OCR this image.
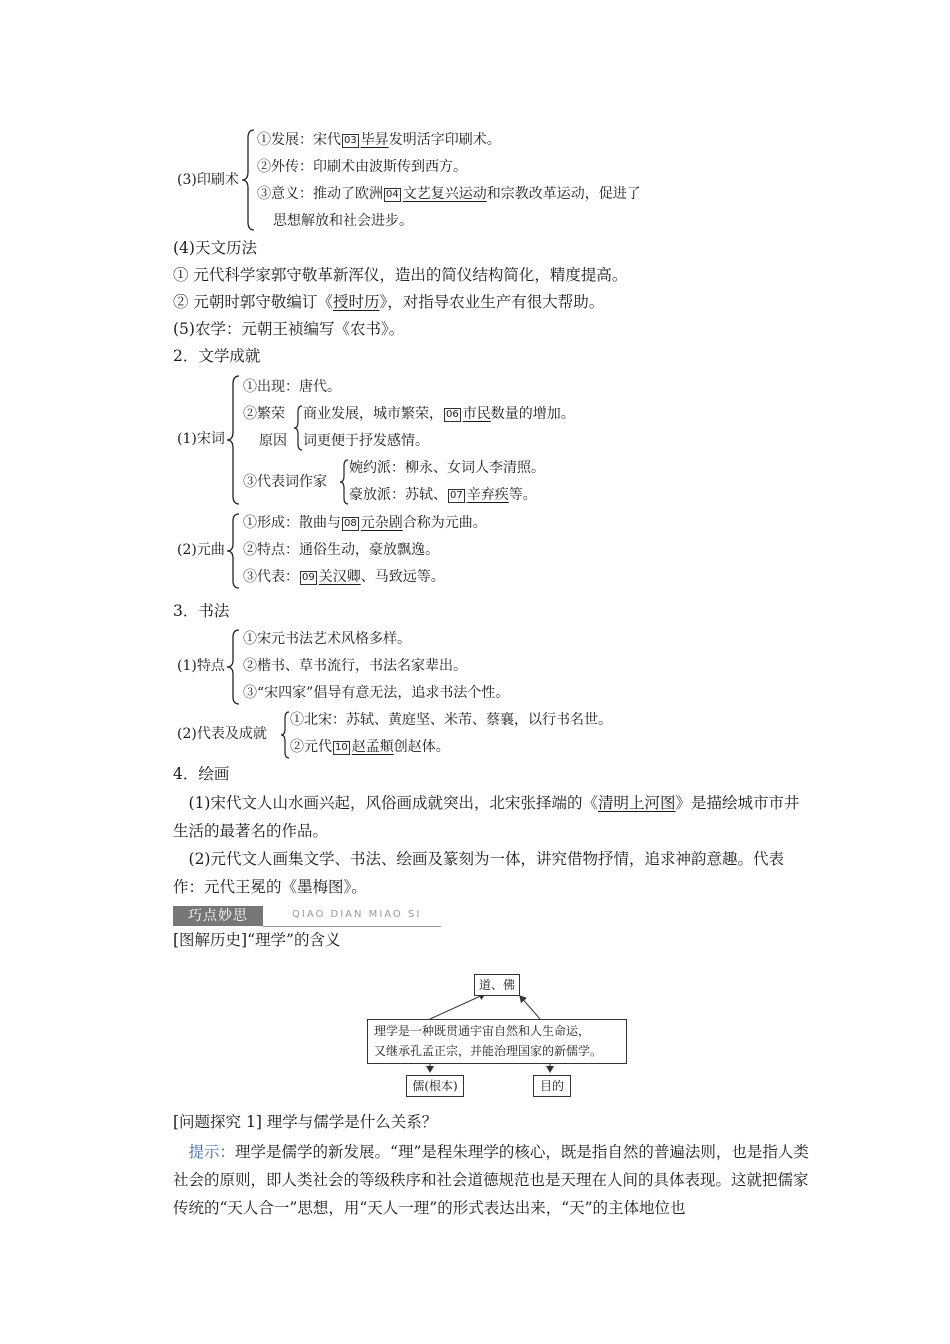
(3)印刷术
①发展：宋代 03 毕昇发明活字印刷术。
②外传：印刷术由波斯传到西方。
③意义：推动了欧洲 04 文艺复兴运动和宗教改革运动，促进了
思想解放和社会进步。
(4)天文历法
① 元代科学家郭守敬革新浑仪，造出的简仪结构简化，精度提高。
② 元朝时郭守敬编订《授时历》，对指导农业生产有很大帮助。
(5)农学：元朝王祯编写《农书》。
2．文学成就
(1)宋词
①出现：唐代。
②繁荣
原因
商业发展，城市繁荣， 06 市民数量的增加。
词更便于抒发感情。
③代表词作家
婉约派：柳永、女词人李清照。
豪放派：苏轼、 07 辛弃疾等。
(2)元曲
①形成：散曲与 08 元杂剧合称为元曲。
②特点：通俗生动，豪放飘逸。
③代表： 09 关汉卿、马致远等。
3．书法
(1)特点
①宋元书法艺术风格多样。
②楷书、草书流行，书法名家辈出。
③“宋四家”倡导有意无法，追求书法个性。
(2)代表及成就
①北宋：苏轼、黄庭坚、米芾、蔡襄，以行书名世。
②元代 10 赵孟頫创赵体。
4．绘画
　(1)宋代文人山水画兴起，风俗画成就突出，北宋张择端的《清明上河图》是描绘城市市井生活的最著名的作品。
　(2)元代文人画集文学、书法、绘画及篆刻为一体，讲究借物抒情，追求神韵意趣。代表作：元代王冕的《墨梅图》。
巧点妙思	QIAO DIAN MIAO SI
[图解历史]“理学”的含义
道、佛
理学是一种既贯通宇宙自然和人生命运，
又继承孔孟正宗，并能治理国家的新儒学。
儒(根本)	目的
[问题探究 1] 理学与儒学是什么关系？
　提示：理学是儒学的新发展。“理”是程朱理学的核心，既是指自然的普遍法则，也是指人类社会的原则，即人类社会的等级秩序和社会道德规范也是天理在人间的具体表现。这就把儒家传统的“天人合一”思想，用“天人一理”的形式表达出来，“天”的主体地位也
